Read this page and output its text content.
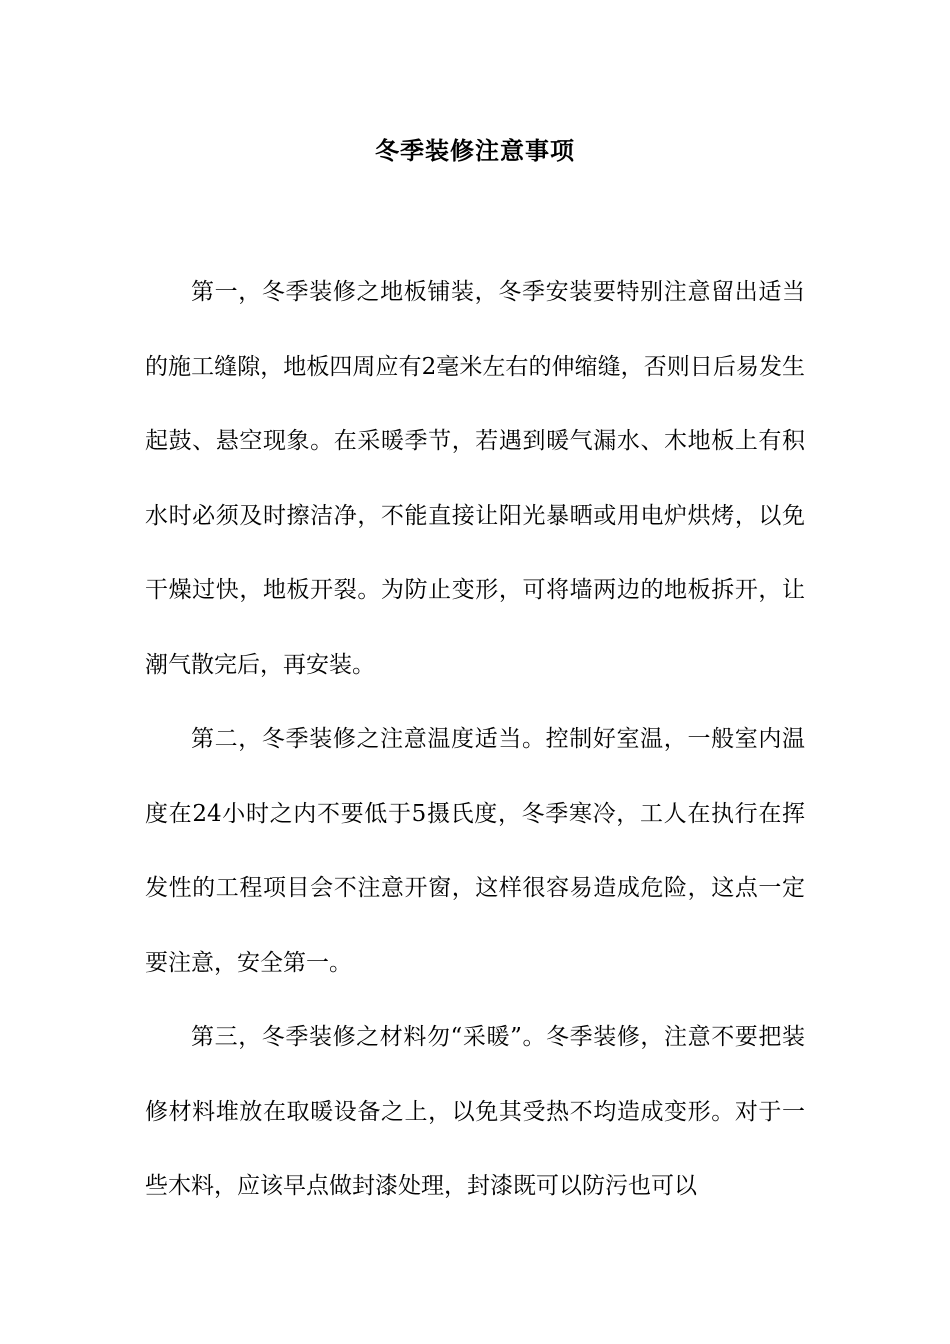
冬季装修注意事项

第一，冬季装修之地板铺装，冬季安装要特别注意留出适当的施工缝隙，地板四周应有2毫米左右的伸缩缝，否则日后易发生起鼓、悬空现象。在采暖季节，若遇到暖气漏水、木地板上有积水时必须及时擦洁净，不能直接让阳光暴晒或用电炉烘烤，以免干燥过快，地板开裂。为防止变形，可将墙两边的地板拆开，让潮气散完后，再安装。

第二，冬季装修之注意温度适当。控制好室温，一般室内温度在24小时之内不要低于5摄氏度，冬季寒冷，工人在执行在挥发性的工程项目会不注意开窗，这样很容易造成危险，这点一定要注意，安全第一。

第三，冬季装修之材料勿“采暖”。冬季装修，注意不要把装修材料堆放在取暖设备之上，以免其受热不均造成变形。对于一些木料，应该早点做封漆处理，封漆既可以防污也可以
